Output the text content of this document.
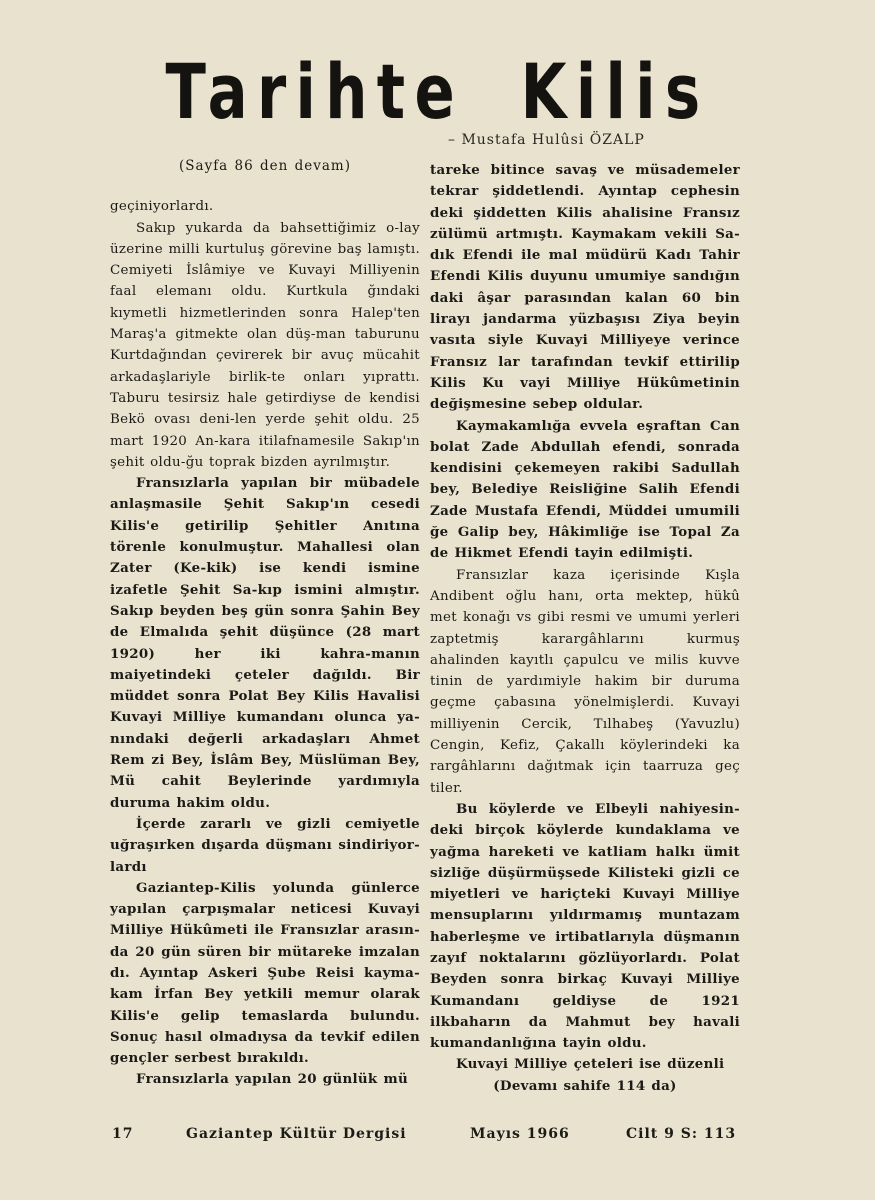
Tarihte Kilis
– Mustafa Hulûsi ÖZALP
(Sayfa 86 den devam)

geçiniyorlardı.

Sakıp yukarda da bahsettiğimiz o-lay üzerine milli kurtuluş görevine baş lamıştı. Cemiyeti İslâmiye ve Kuvayi Milliyenin faal elemanı oldu. Kurtkula ğındaki kıymetli hizmetlerinden sonra Halep'ten Maraş'a gitmekte olan düş-man taburunu Kurtdağından çevirerek bir avuç mücahit arkadaşlariyle birlik-te onları yıprattı. Taburu tesirsiz hale getirdiyse de kendisi Bekö ovası deni-len yerde şehit oldu. 25 mart 1920 An-kara itilafnamesile Sakıp'ın şehit oldu-ğu toprak bizden ayrılmıştır.

Fransızlarla yapılan bir mübadele anlaşmasile Şehit Sakıp'ın cesedi Kilis'e getirilip Şehitler Anıtına törenle konulmuştur. Mahallesi olan Zater (Ke-kik) ise kendi ismine izafetle Şehit Sa-kıp ismini almıştır. Sakıp beyden beş gün sonra Şahin Bey de Elmalıda şehit düşünce (28 mart 1920) her iki kahra-manın maiyetindeki çeteler dağıldı. Bir müddet sonra Polat Bey Kilis Havalisi Kuvayi Milliye kumandanı olunca ya-nındaki değerli arkadaşları Ahmet Rem zi Bey, İslâm Bey, Müslüman Bey, Mü cahit Beylerinde yardımıyla duruma hakim oldu.

İçerde zararlı ve gizli cemiyetle uğraşırken dışarda düşmanı sindiriyor-lardı

Gaziantep-Kilis yolunda günlerce yapılan çarpışmalar neticesi Kuvayi Milliye Hükûmeti ile Fransızlar arasın-da 20 gün süren bir mütareke imzalan dı. Ayıntap Askeri Şube Reisi kayma-kam İrfan Bey yetkili memur olarak Kilis'e gelip temaslarda bulundu. Sonuç hasıl olmadıysa da tevkif edilen gençler serbest bırakıldı.

Fransızlarla yapılan 20 günlük mü

tareke bitince savaş ve müsademeler tekrar şiddetlendi. Ayıntap cephesin deki şiddetten Kilis ahalisine Fransız zülümü artmıştı. Kaymakam vekili Sa-dık Efendi ile mal müdürü Kadı Tahir Efendi Kilis duyunu umumiye sandığın daki âşar parasından kalan 60 bin lirayı jandarma yüzbaşısı Ziya beyin vasıta siyle Kuvayi Milliyeye verince Fransız lar tarafından tevkif ettirilip Kilis Ku vayi Milliye Hükûmetinin değişmesine sebep oldular.

Kaymakamlığa evvela eşraftan Can bolat Zade Abdullah efendi, sonrada kendisini çekemeyen rakibi Sadullah bey, Belediye Reisliğine Salih Efendi Zade Mustafa Efendi, Müddei umumili ğe Galip bey, Hâkimliğe ise Topal Za de Hikmet Efendi tayin edilmişti.

Fransızlar kaza içerisinde Kışla Andibent oğlu hanı, orta mektep, hükû met konağı vs gibi resmi ve umumi yerleri zaptetmiş karargâhlarını kurmuş ahalinden kayıtlı çapulcu ve milis kuvve tinin de yardımiyle hakim bir duruma geçme çabasına yönelmişlerdi. Kuvayi milliyenin Cercik, Tılhabeş (Yavuzlu) Cengin, Kefiz, Çakallı köylerindeki ka rargâhlarını dağıtmak için taarruza geç tiler.

Bu köylerde ve Elbeyli nahiyesin-deki birçok köylerde kundaklama ve yağma hareketi ve katliam halkı ümit sizliğe düşürmüşsede Kilisteki gizli ce miyetleri ve hariçteki Kuvayi Milliye mensuplarını yıldırmamış muntazam haberleşme ve irtibatlarıyla düşmanın zayıf noktalarını gözlüyorlardı. Polat Beyden sonra birkaç Kuvayi Milliye Kumandanı geldiyse de 1921 ilkbaharın da Mahmut bey havali kumandanlığına tayin oldu.

Kuvayi Milliye çeteleri ise düzenli

(Devamı sahife 114 da)

17	Gaziantep Kültür Dergisi	Mayıs 1966	Cilt 9 S: 113
